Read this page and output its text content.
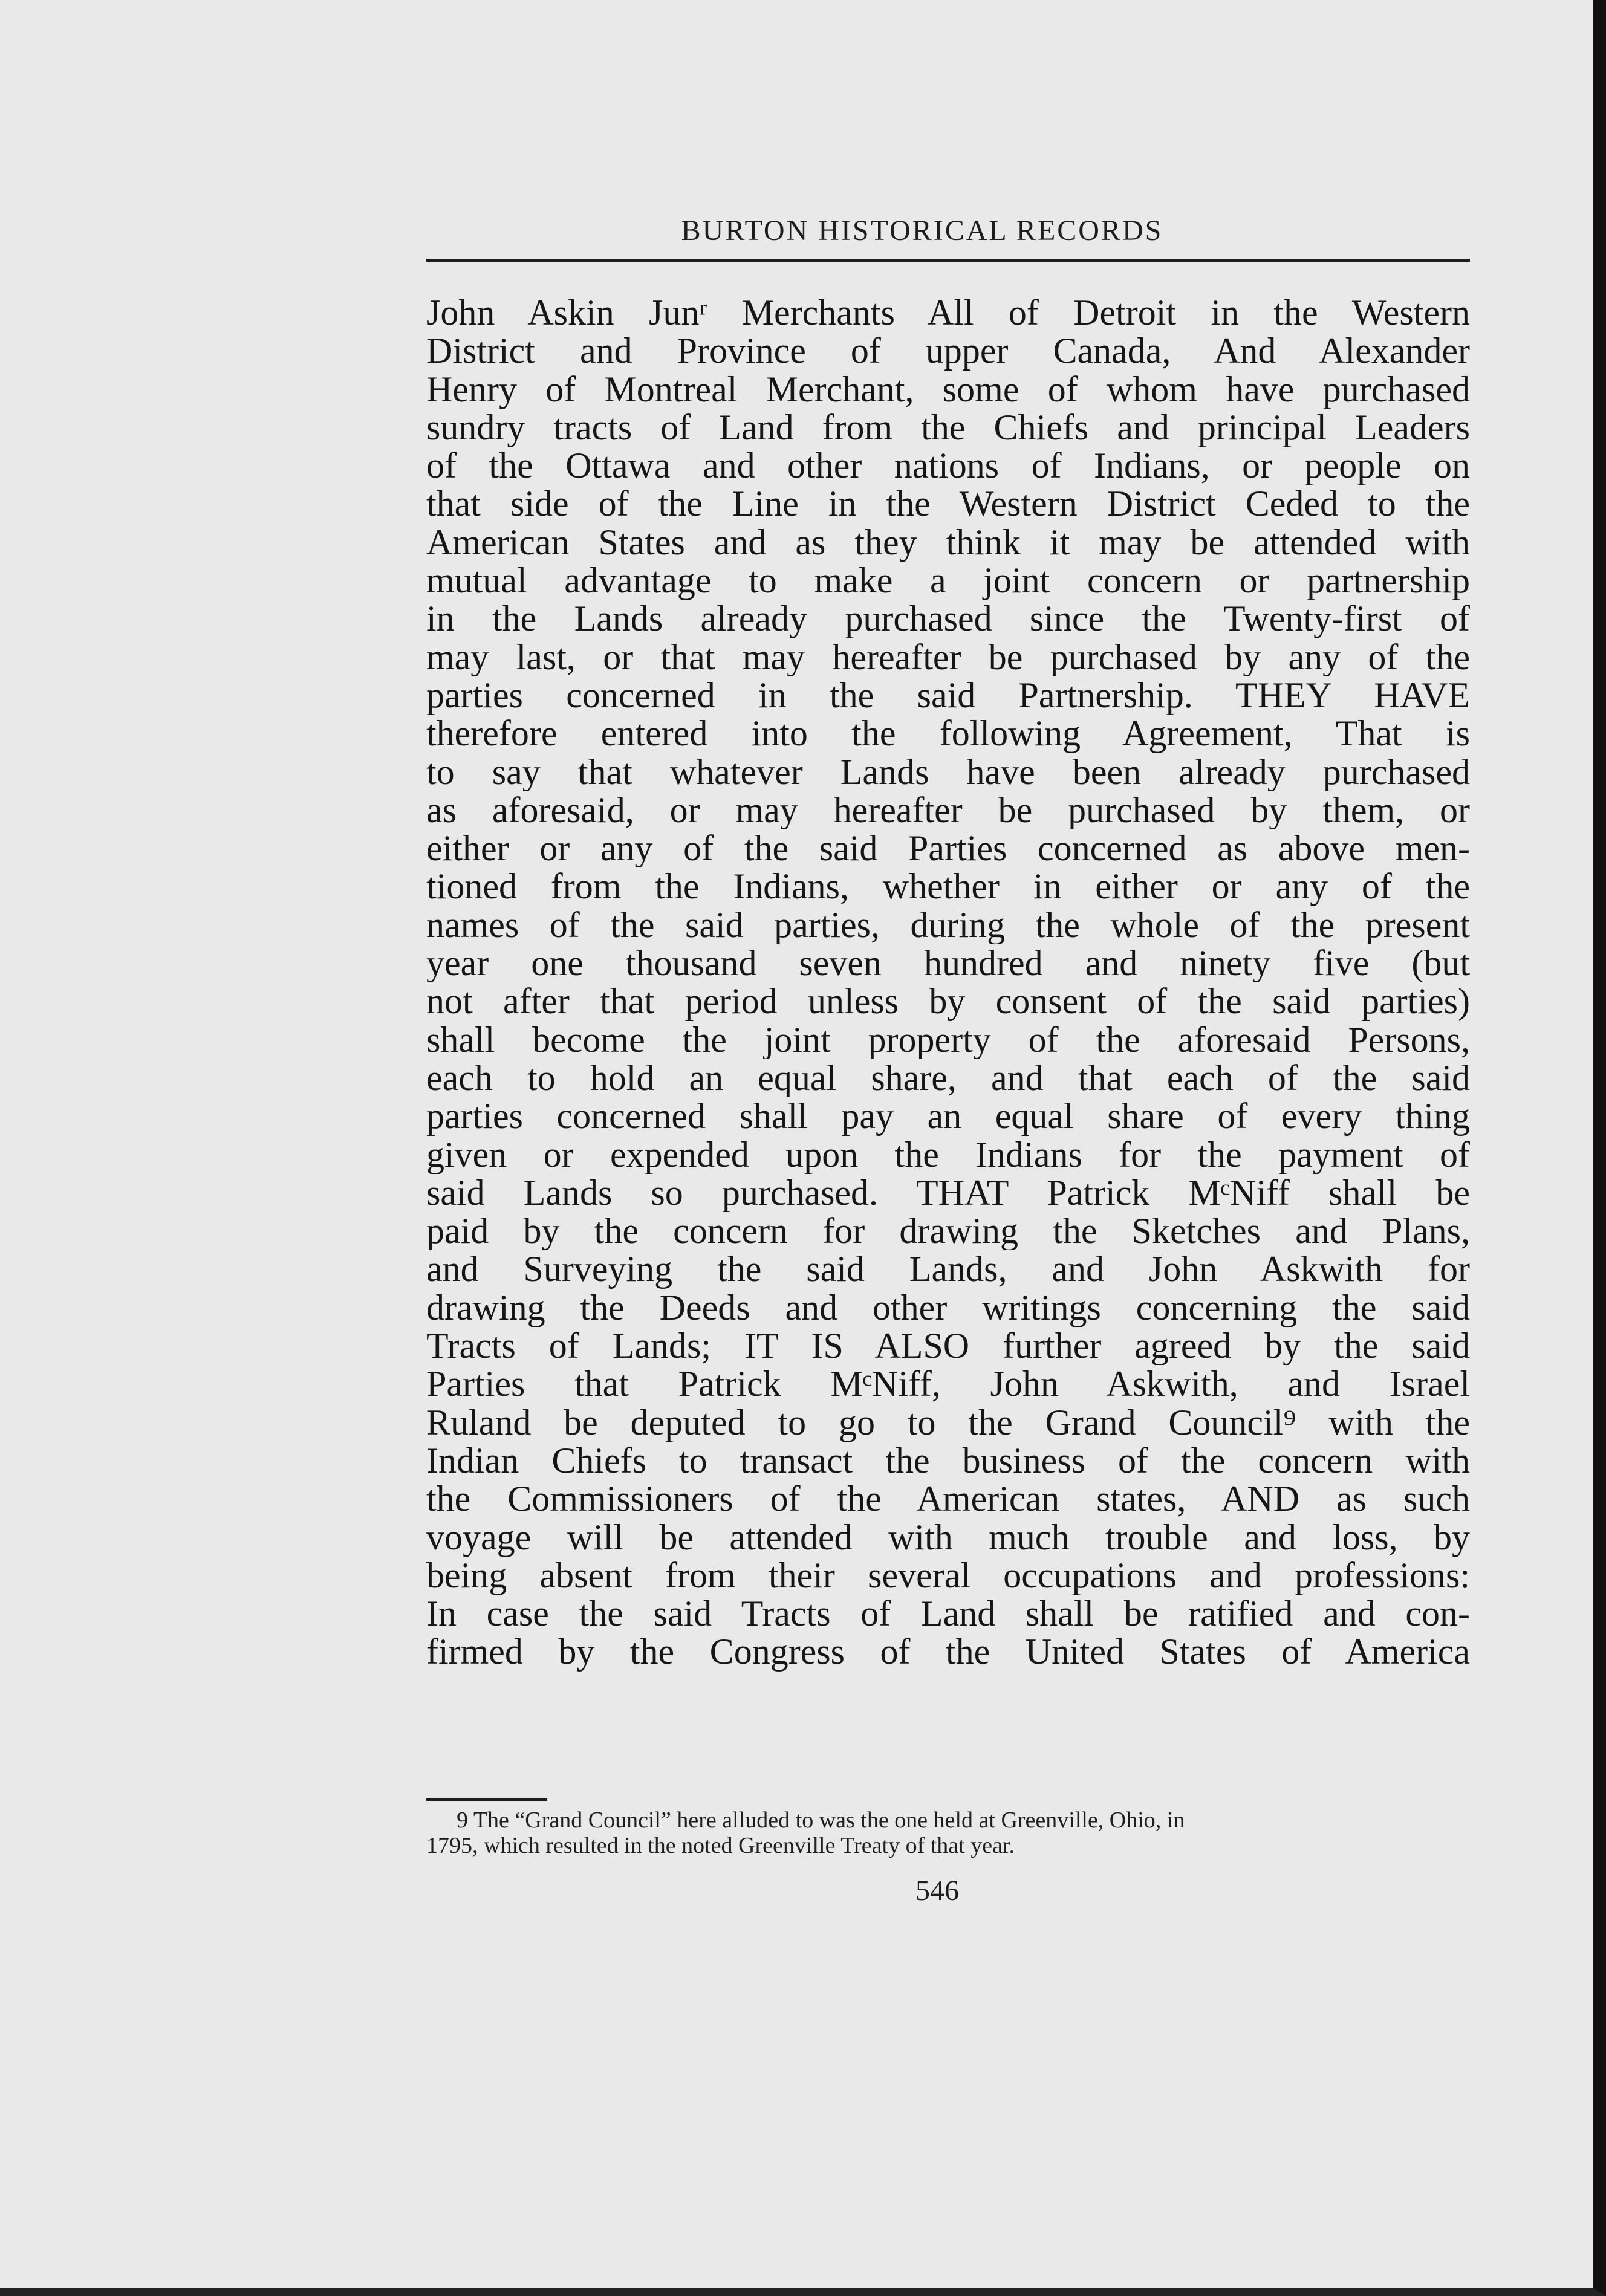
BURTON HISTORICAL RECORDS
John Askin Junʳ Merchants All of Detroit in the Western
District and Province of upper Canada, And Alexander
Henry of Montreal Merchant, some of whom have purchased
sundry tracts of Land from the Chiefs and principal Leaders
of the Ottawa and other nations of Indians, or people on
that side of the Line in the Western District Ceded to the
American States and as they think it may be attended with
mutual advantage to make a joint concern or partnership
in the Lands already purchased since the Twenty-first of
may last, or that may hereafter be purchased by any of the
parties concerned in the said Partnership. THEY HAVE
therefore entered into the following Agreement, That is
to say that whatever Lands have been already purchased
as aforesaid, or may hereafter be purchased by them, or
either or any of the said Parties concerned as above men-
tioned from the Indians, whether in either or any of the
names of the said parties, during the whole of the present
year one thousand seven hundred and ninety five (but
not after that period unless by consent of the said parties)
shall become the joint property of the aforesaid Persons,
each to hold an equal share, and that each of the said
parties concerned shall pay an equal share of every thing
given or expended upon the Indians for the payment of
said Lands so purchased. THAT Patrick MᶜNiff shall be
paid by the concern for drawing the Sketches and Plans,
and Surveying the said Lands, and John Askwith for
drawing the Deeds and other writings concerning the said
Tracts of Lands; IT IS ALSO further agreed by the said
Parties that Patrick MᶜNiff, John Askwith, and Israel
Ruland be deputed to go to the Grand Council⁹ with the
Indian Chiefs to transact the business of the concern with
the Commissioners of the American states, AND as such
voyage will be attended with much trouble and loss, by
being absent from their several occupations and professions:
In case the said Tracts of Land shall be ratified and con-
firmed by the Congress of the United States of America
9 The “Grand Council” here alluded to was the one held at Greenville, Ohio, in
1795, which resulted in the noted Greenville Treaty of that year.
546
